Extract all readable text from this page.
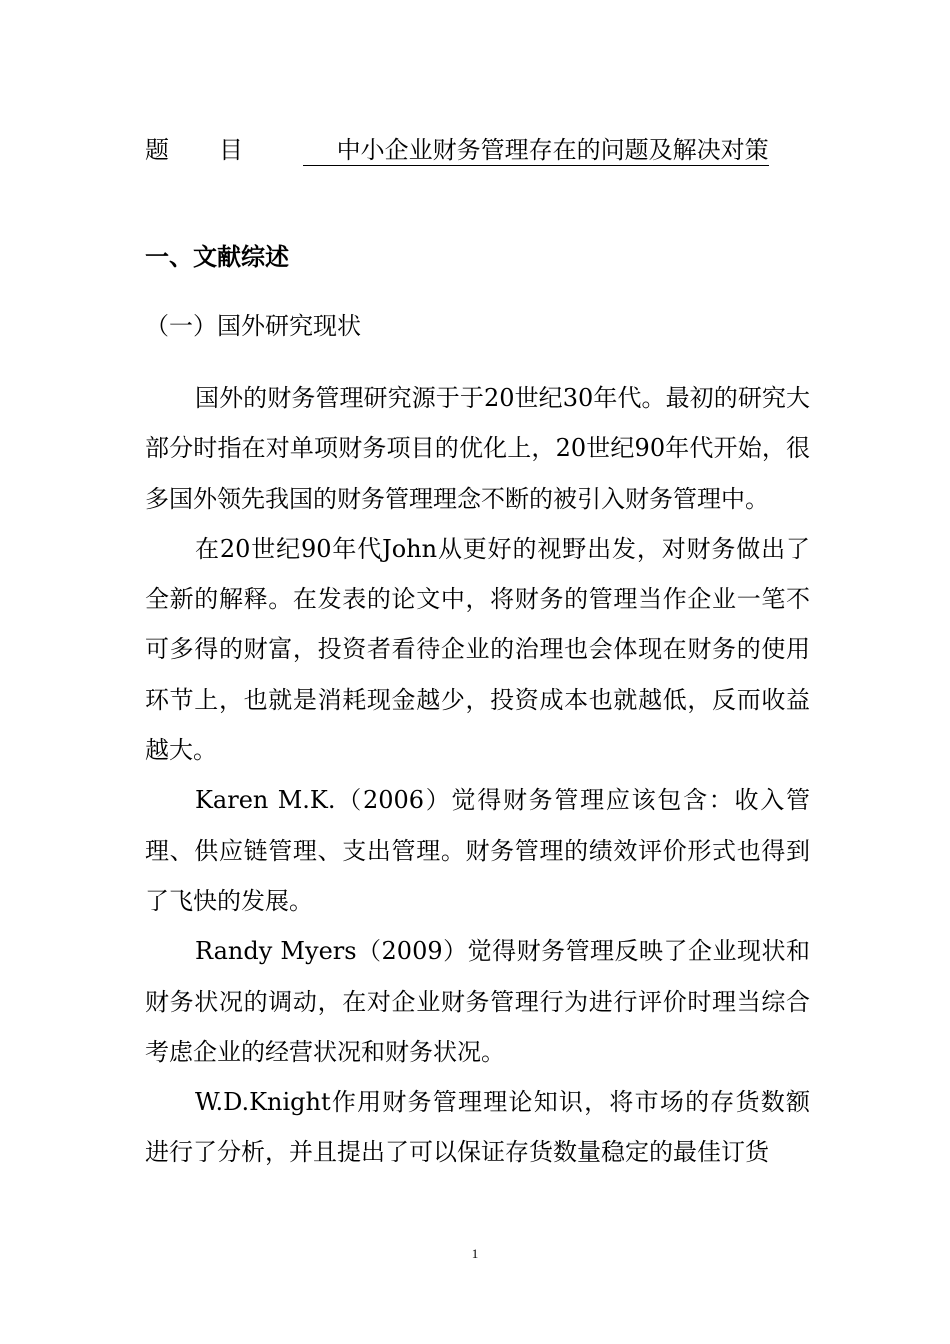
题目 中小企业财务管理存在的问题及解决对策
一、文献综述
（一）国外研究现状

国外的财务管理研究源于于20世纪30年代。最初的研究大部分时指在对单项财务项目的优化上，20世纪90年代开始，很多国外领先我国的财务管理理念不断的被引入财务管理中。

在20世纪90年代John从更好的视野出发，对财务做出了全新的解释。在发表的论文中，将财务的管理当作企业一笔不可多得的财富，投资者看待企业的治理也会体现在财务的使用环节上，也就是消耗现金越少，投资成本也就越低，反而收益越大。

Karen M.K.（2006）觉得财务管理应该包含：收入管理、供应链管理、支出管理。财务管理的绩效评价形式也得到了飞快的发展。

Randy Myers（2009）觉得财务管理反映了企业现状和财务状况的调动，在对企业财务管理行为进行评价时理当综合考虑企业的经营状况和财务状况。

W.D.Knight作用财务管理理论知识，将市场的存货数额进行了分析，并且提出了可以保证存货数量稳定的最佳订货

1
